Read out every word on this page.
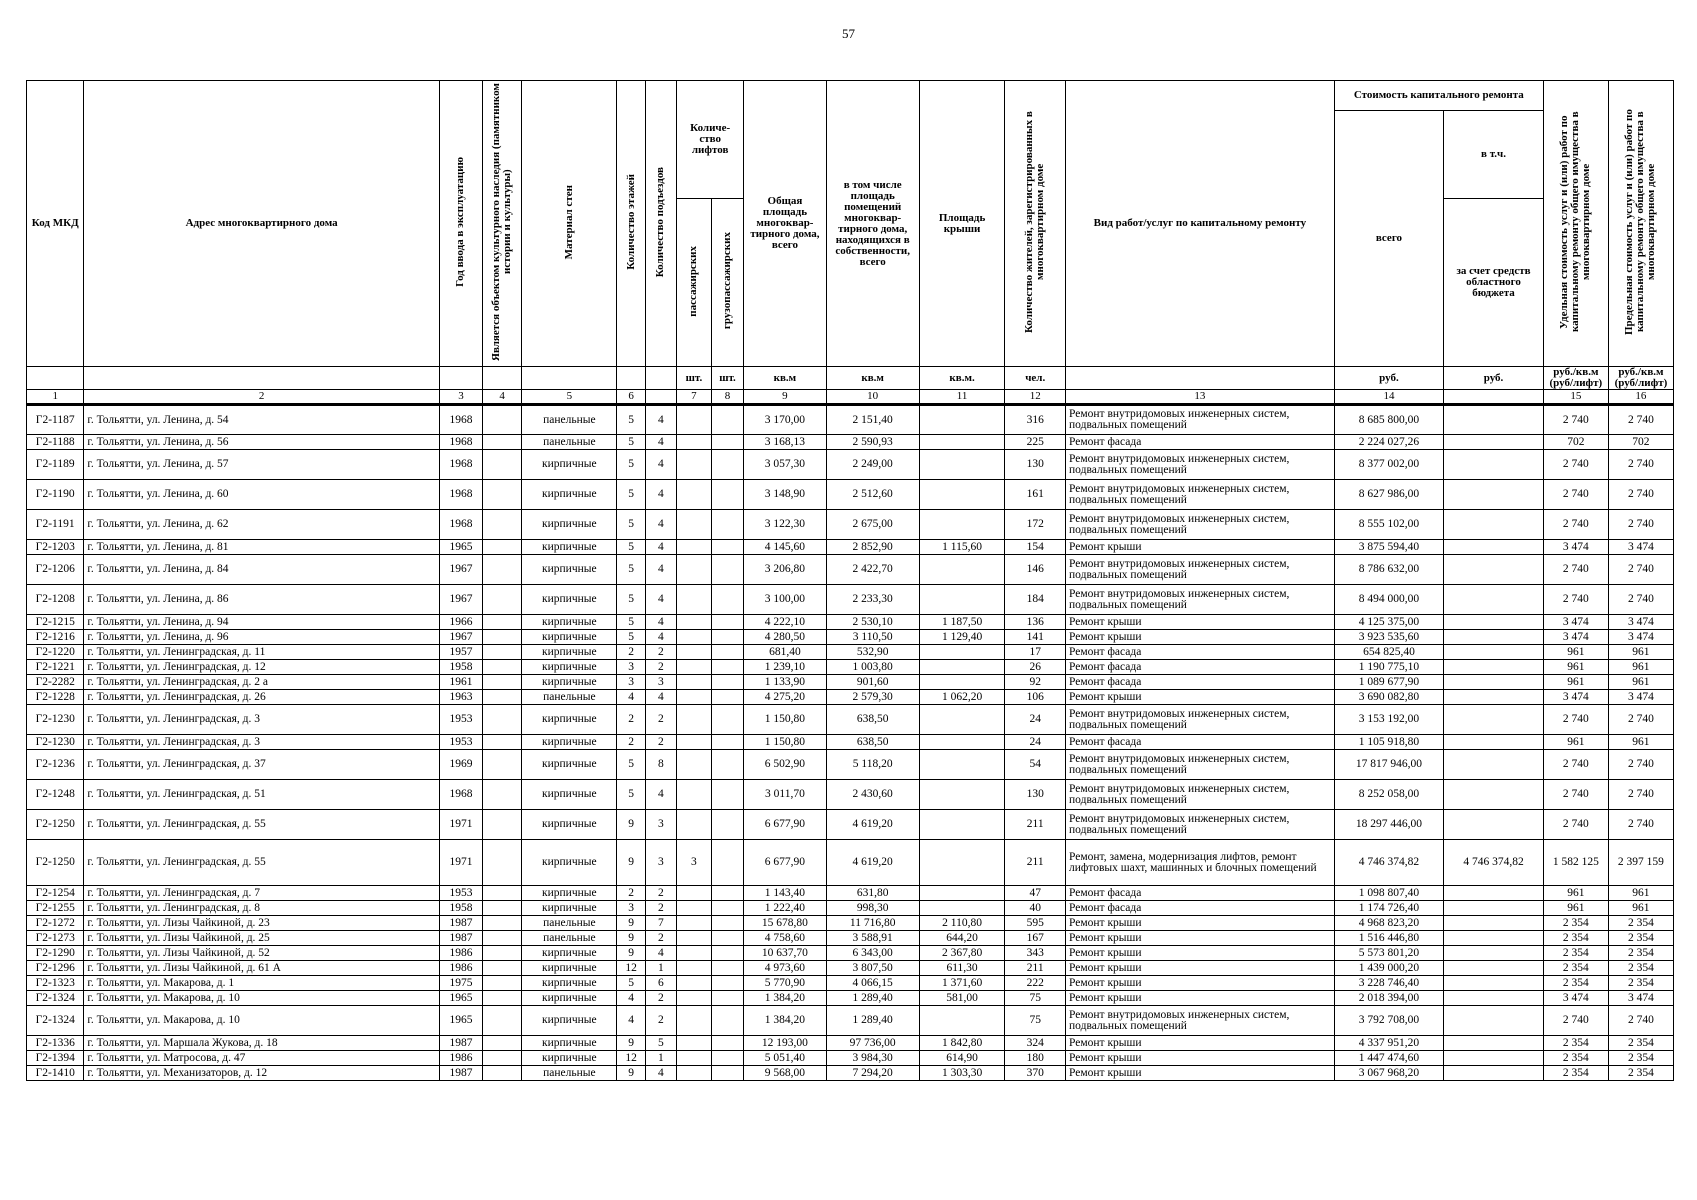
57
Код МКД	Адрес многоквартирного дома	Год ввода в эксплуатацию	Является объектом культурного наследия (памятником истории и культуры)	Материал стен	Количество этажей	Количество подъездов	Количе- ство лифтов		Общая площадь многоквар- тирного дома, всего	в том числе площадь помещений многоквар- тирного дома, находящихся в собственности, всего	Площадь крыши	Количество жителей, зарегистрированных в многоквартирном доме	Вид работ/услуг по капитальному ремонту	Стоимость капитального ремонта		Удельная стоимость услуг и (или) работ по капитальному ремонту общего имущества в многоквартирном доме	Предельная стоимость услуг и (или) работ по капитальному ремонту общего имущества в многоквартирном доме
														всего	в т.ч.		
							пассажирских	грузопассажирских							за счет средств областного бюджета		
							шт.	шт.	кв.м	кв.м	кв.м.	чел.		руб.	руб.	руб./кв.м (руб/лифт)	руб./кв.м (руб/лифт)
1	2	3	4	5	6		7	8	9	10	11	12	13	14		15	16
Г2-1187	г. Тольятти, ул. Ленина, д. 54	1968		панельные	5	4			3 170,00	2 151,40		316	Ремонт внутридомовых инженерных систем, подвальных помещений	8 685 800,00		2 740	2 740
Г2-1188	г. Тольятти, ул. Ленина, д. 56	1968		панельные	5	4			3 168,13	2 590,93		225	Ремонт фасада	2 224 027,26		702	702
Г2-1189	г. Тольятти, ул. Ленина, д. 57	1968		кирпичные	5	4			3 057,30	2 249,00		130	Ремонт внутридомовых инженерных систем, подвальных помещений	8 377 002,00		2 740	2 740
Г2-1190	г. Тольятти, ул. Ленина, д. 60	1968		кирпичные	5	4			3 148,90	2 512,60		161	Ремонт внутридомовых инженерных систем, подвальных помещений	8 627 986,00		2 740	2 740
Г2-1191	г. Тольятти, ул. Ленина, д. 62	1968		кирпичные	5	4			3 122,30	2 675,00		172	Ремонт внутридомовых инженерных систем, подвальных помещений	8 555 102,00		2 740	2 740
Г2-1203	г. Тольятти, ул. Ленина, д. 81	1965		кирпичные	5	4			4 145,60	2 852,90	1 115,60	154	Ремонт крыши	3 875 594,40		3 474	3 474
Г2-1206	г. Тольятти, ул. Ленина, д. 84	1967		кирпичные	5	4			3 206,80	2 422,70		146	Ремонт внутридомовых инженерных систем, подвальных помещений	8 786 632,00		2 740	2 740
Г2-1208	г. Тольятти, ул. Ленина, д. 86	1967		кирпичные	5	4			3 100,00	2 233,30		184	Ремонт внутридомовых инженерных систем, подвальных помещений	8 494 000,00		2 740	2 740
Г2-1215	г. Тольятти, ул. Ленина, д. 94	1966		кирпичные	5	4			4 222,10	2 530,10	1 187,50	136	Ремонт крыши	4 125 375,00		3 474	3 474
Г2-1216	г. Тольятти, ул. Ленина, д. 96	1967		кирпичные	5	4			4 280,50	3 110,50	1 129,40	141	Ремонт крыши	3 923 535,60		3 474	3 474
Г2-1220	г. Тольятти, ул. Ленинградская, д. 11	1957		кирпичные	2	2			681,40	532,90		17	Ремонт фасада	654 825,40		961	961
Г2-1221	г. Тольятти, ул. Ленинградская, д. 12	1958		кирпичные	3	2			1 239,10	1 003,80		26	Ремонт фасада	1 190 775,10		961	961
Г2-2282	г. Тольятти, ул. Ленинградская, д. 2 а	1961		кирпичные	3	3			1 133,90	901,60		92	Ремонт фасада	1 089 677,90		961	961
Г2-1228	г. Тольятти, ул. Ленинградская, д. 26	1963		панельные	4	4			4 275,20	2 579,30	1 062,20	106	Ремонт крыши	3 690 082,80		3 474	3 474
Г2-1230	г. Тольятти, ул. Ленинградская, д. 3	1953		кирпичные	2	2			1 150,80	638,50		24	Ремонт внутридомовых инженерных систем, подвальных помещений	3 153 192,00		2 740	2 740
Г2-1230	г. Тольятти, ул. Ленинградская, д. 3	1953		кирпичные	2	2			1 150,80	638,50		24	Ремонт фасада	1 105 918,80		961	961
Г2-1236	г. Тольятти, ул. Ленинградская, д. 37	1969		кирпичные	5	8			6 502,90	5 118,20		54	Ремонт внутридомовых инженерных систем, подвальных помещений	17 817 946,00		2 740	2 740
Г2-1248	г. Тольятти, ул. Ленинградская, д. 51	1968		кирпичные	5	4			3 011,70	2 430,60		130	Ремонт внутридомовых инженерных систем, подвальных помещений	8 252 058,00		2 740	2 740
Г2-1250	г. Тольятти, ул. Ленинградская, д. 55	1971		кирпичные	9	3			6 677,90	4 619,20		211	Ремонт внутридомовых инженерных систем, подвальных помещений	18 297 446,00		2 740	2 740
Г2-1250	г. Тольятти, ул. Ленинградская, д. 55	1971		кирпичные	9	3	3		6 677,90	4 619,20		211	Ремонт, замена, модернизация лифтов, ремонт лифтовых шахт, машинных и блочных помещений	4 746 374,82	4 746 374,82	1 582 125	2 397 159
Г2-1254	г. Тольятти, ул. Ленинградская, д. 7	1953		кирпичные	2	2			1 143,40	631,80		47	Ремонт фасада	1 098 807,40		961	961
Г2-1255	г. Тольятти, ул. Ленинградская, д. 8	1958		кирпичные	3	2			1 222,40	998,30		40	Ремонт фасада	1 174 726,40		961	961
Г2-1272	г. Тольятти, ул. Лизы Чайкиной, д. 23	1987		панельные	9	7			15 678,80	11 716,80	2 110,80	595	Ремонт крыши	4 968 823,20		2 354	2 354
Г2-1273	г. Тольятти, ул. Лизы Чайкиной, д. 25	1987		панельные	9	2			4 758,60	3 588,91	644,20	167	Ремонт крыши	1 516 446,80		2 354	2 354
Г2-1290	г. Тольятти, ул. Лизы Чайкиной, д. 52	1986		кирпичные	9	4			10 637,70	6 343,00	2 367,80	343	Ремонт крыши	5 573 801,20		2 354	2 354
Г2-1296	г. Тольятти, ул. Лизы Чайкиной, д. 61 А	1986		кирпичные	12	1			4 973,60	3 807,50	611,30	211	Ремонт крыши	1 439 000,20		2 354	2 354
Г2-1323	г. Тольятти, ул. Макарова, д. 1	1975		кирпичные	5	6			5 770,90	4 066,15	1 371,60	222	Ремонт крыши	3 228 746,40		2 354	2 354
Г2-1324	г. Тольятти, ул. Макарова, д. 10	1965		кирпичные	4	2			1 384,20	1 289,40	581,00	75	Ремонт крыши	2 018 394,00		3 474	3 474
Г2-1324	г. Тольятти, ул. Макарова, д. 10	1965		кирпичные	4	2			1 384,20	1 289,40		75	Ремонт внутридомовых инженерных систем, подвальных помещений	3 792 708,00		2 740	2 740
Г2-1336	г. Тольятти, ул. Маршала Жукова, д. 18	1987		кирпичные	9	5			12 193,00	97 736,00	1 842,80	324	Ремонт крыши	4 337 951,20		2 354	2 354
Г2-1394	г. Тольятти, ул. Матросова, д. 47	1986		кирпичные	12	1			5 051,40	3 984,30	614,90	180	Ремонт крыши	1 447 474,60		2 354	2 354
Г2-1410	г. Тольятти, ул. Механизаторов, д. 12	1987		панельные	9	4			9 568,00	7 294,20	1 303,30	370	Ремонт крыши	3 067 968,20		2 354	2 354
